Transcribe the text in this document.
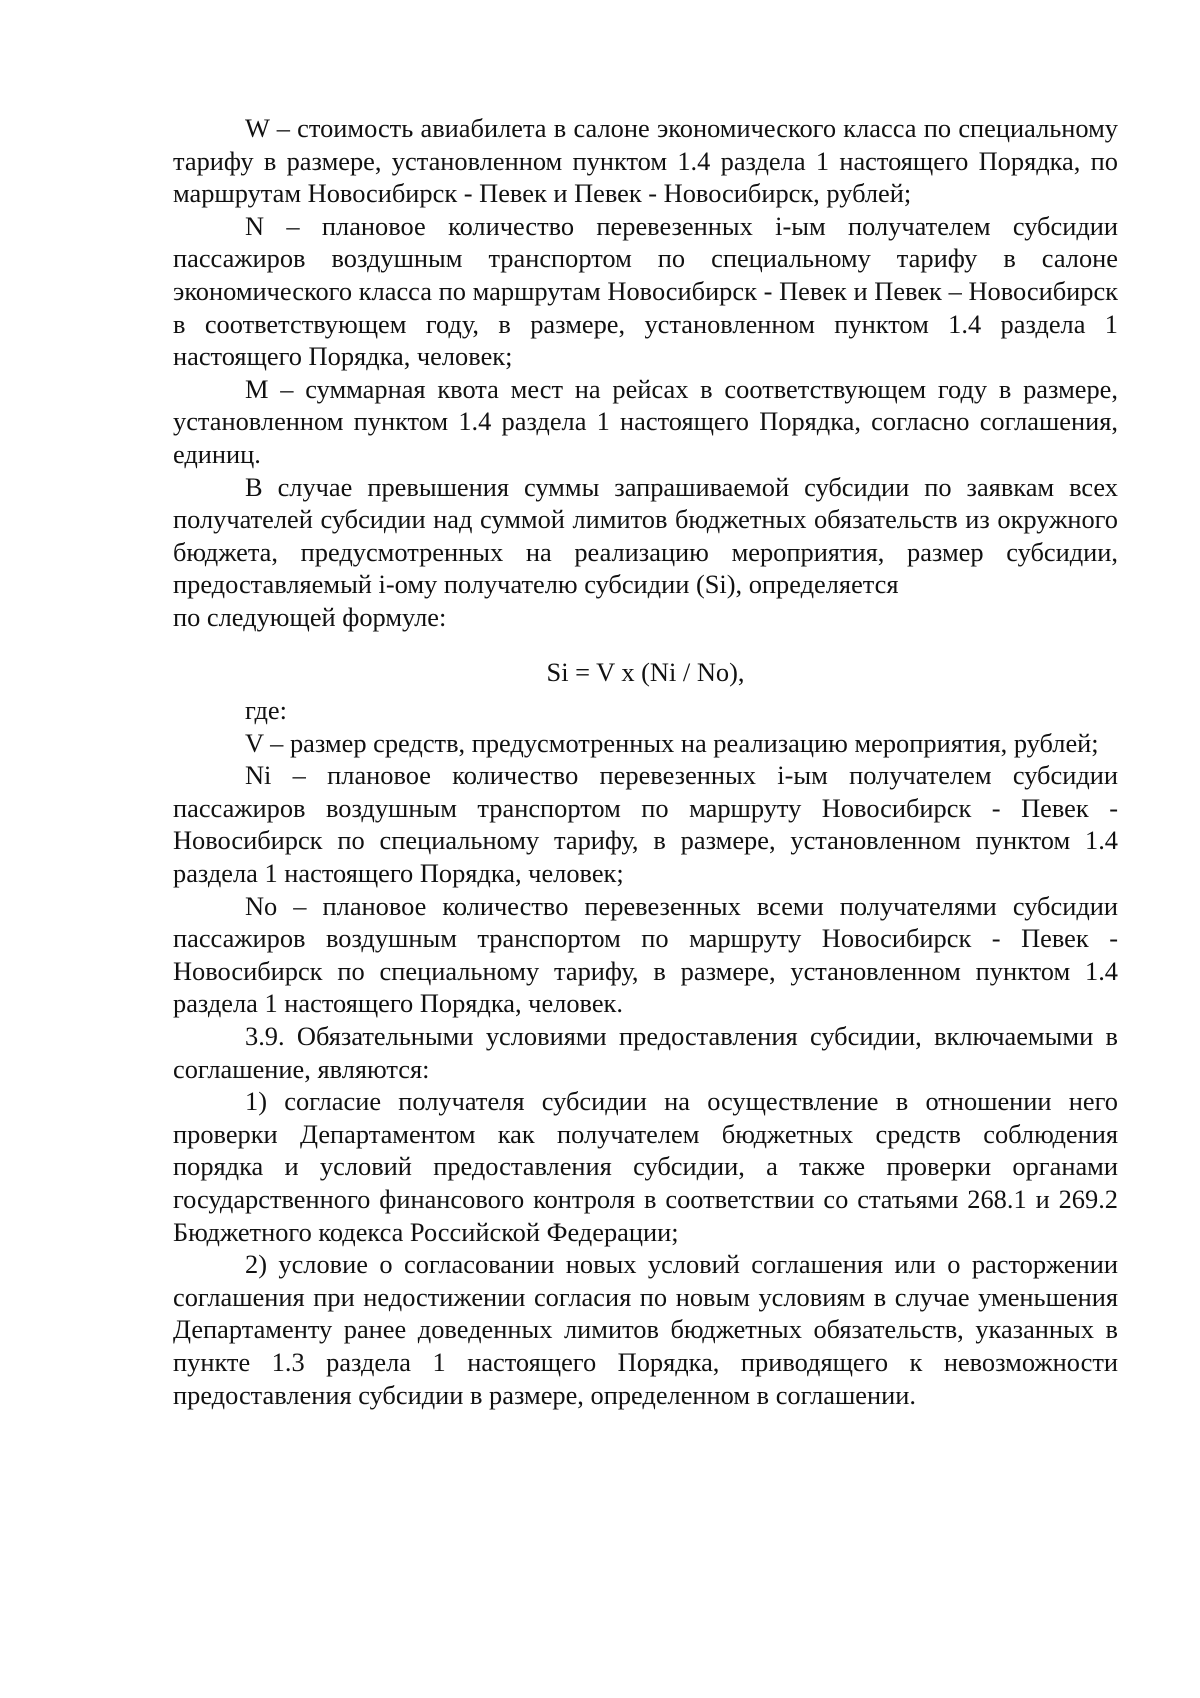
W – стоимость авиабилета в салоне экономического класса по специальному тарифу в размере, установленном пунктом 1.4 раздела 1 настоящего Порядка, по маршрутам Новосибирск - Певек и Певек - Новосибирск, рублей;

N – плановое количество перевезенных i-ым получателем субсидии пассажиров воздушным транспортом по специальному тарифу в салоне экономического класса по маршрутам Новосибирск - Певек и Певек – Новосибирск в соответствующем году, в размере, установленном пунктом 1.4 раздела 1 настоящего Порядка, человек;

М – суммарная квота мест на рейсах в соответствующем году в размере, установленном пунктом 1.4 раздела 1 настоящего Порядка, согласно соглашения, единиц.

В случае превышения суммы запрашиваемой субсидии по заявкам всех получателей субсидии над суммой лимитов бюджетных обязательств из окружного бюджета, предусмотренных на реализацию мероприятия, размер субсидии, предоставляемый i-ому получателю субсидии (Si), определяется

по следующей формуле:

Si = V x (Ni / No),

где:

V – размер средств, предусмотренных на реализацию мероприятия, рублей;

Ni – плановое количество перевезенных i-ым получателем субсидии пассажиров воздушным транспортом по маршруту Новосибирск - Певек - Новосибирск по специальному тарифу, в размере, установленном пунктом 1.4 раздела 1 настоящего Порядка, человек;

No – плановое количество перевезенных всеми получателями субсидии пассажиров воздушным транспортом по маршруту Новосибирск - Певек - Новосибирск по специальному тарифу, в размере, установленном пунктом 1.4 раздела 1 настоящего Порядка, человек.

3.9. Обязательными условиями предоставления субсидии, включаемыми в соглашение, являются:

1) согласие получателя субсидии на осуществление в отношении него проверки Департаментом как получателем бюджетных средств соблюдения порядка и условий предоставления субсидии, а также проверки органами государственного финансового контроля в соответствии со статьями 268.1 и 269.2 Бюджетного кодекса Российской Федерации;

2) условие о согласовании новых условий соглашения или о расторжении соглашения при недостижении согласия по новым условиям в случае уменьшения Департаменту ранее доведенных лимитов бюджетных обязательств, указанных в пункте 1.3 раздела 1 настоящего Порядка, приводящего к невозможности предоставления субсидии в размере, определенном в соглашении.
